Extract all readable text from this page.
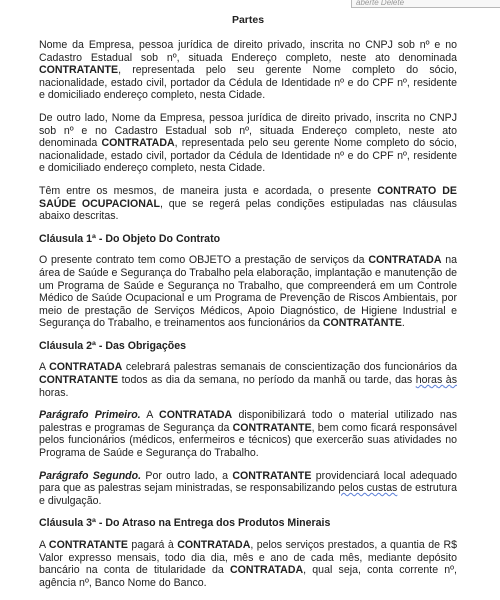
aberte Delete
Partes

Nome da Empresa, pessoa jurídica de direito privado, inscrita no CNPJ sob nº e no Cadastro Estadual sob nº, situada Endereço completo, neste ato denominada CONTRATANTE, representada pelo seu gerente Nome completo do sócio, nacionalidade, estado civil, portador da Cédula de Identidade nº e do CPF nº, residente e domiciliado endereço completo, nesta Cidade.

De outro lado, Nome da Empresa, pessoa jurídica de direito privado, inscrita no CNPJ sob nº e no Cadastro Estadual sob nº, situada Endereço completo, neste ato denominada CONTRATADA, representada pelo seu gerente Nome completo do sócio, nacionalidade, estado civil, portador da Cédula de Identidade nº e do CPF nº, residente e domiciliado endereço completo, nesta Cidade.

Têm entre os mesmos, de maneira justa e acordada, o presente CONTRATO DE SAÚDE OCUPACIONAL, que se regerá pelas condições estipuladas nas cláusulas abaixo descritas.

Cláusula 1ª - Do Objeto Do Contrato

O presente contrato tem como OBJETO a prestação de serviços da CONTRATADA na área de Saúde e Segurança do Trabalho pela elaboração, implantação e manutenção de um Programa de Saúde e Segurança no Trabalho, que compreenderá em um Controle Médico de Saúde Ocupacional e um Programa de Prevenção de Riscos Ambientais, por meio de prestação de Serviços Médicos, Apoio Diagnóstico, de Higiene Industrial e Segurança do Trabalho, e treinamentos aos funcionários da CONTRATANTE.

Cláusula 2ª - Das Obrigações

A CONTRATADA celebrará palestras semanais de conscientização dos funcionários da CONTRATANTE todos as dia da semana, no período da manhã ou tarde, das horas às horas.

Parágrafo Primeiro. A CONTRATADA disponibilizará todo o material utilizado nas palestras e programas de Segurança da CONTRATANTE, bem como ficará responsável pelos funcionários (médicos, enfermeiros e técnicos) que exercerão suas atividades no Programa de Saúde e Segurança do Trabalho.

Parágrafo Segundo. Por outro lado, a CONTRATANTE providenciará local adequado para que as palestras sejam ministradas, se responsabilizando pelos custas de estrutura e divulgação.

Cláusula 3ª - Do Atraso na Entrega dos Produtos Minerais

A CONTRATANTE pagará à CONTRATADA, pelos serviços prestados, a quantia de R$ Valor expresso mensais, todo dia dia, mês e ano de cada mês, mediante depósito bancário na conta de titularidade da CONTRATADA, qual seja, conta corrente nº, agência nº, Banco Nome do Banco.
